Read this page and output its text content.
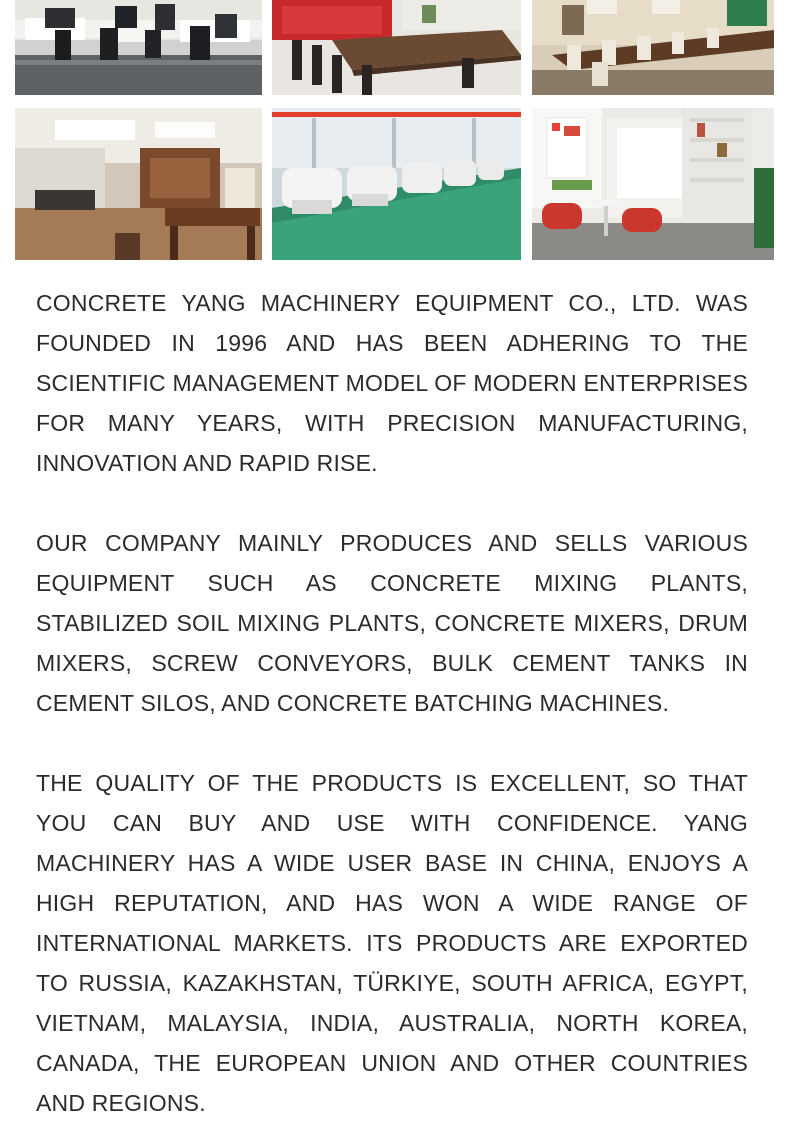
CONCRETE YANG MACHINERY EQUIPMENT CO., LTD. WAS FOUNDED IN 1996 AND HAS BEEN ADHERING TO THE SCIENTIFIC MANAGEMENT MODEL OF MODERN ENTERPRISES FOR MANY YEARS, WITH PRECISION MANUFACTURING, INNOVATION AND RAPID RISE.

OUR COMPANY MAINLY PRODUCES AND SELLS VARIOUS EQUIPMENT SUCH AS CONCRETE MIXING PLANTS, STABILIZED SOIL MIXING PLANTS, CONCRETE MIXERS, DRUM MIXERS, SCREW CONVEYORS, BULK CEMENT TANKS IN CEMENT SILOS, AND CONCRETE BATCHING MACHINES.

THE QUALITY OF THE PRODUCTS IS EXCELLENT, SO THAT YOU CAN BUY AND USE WITH CONFIDENCE. YANG MACHINERY HAS A WIDE USER BASE IN CHINA, ENJOYS A HIGH REPUTATION, AND HAS WON A WIDE RANGE OF INTERNATIONAL MARKETS. ITS PRODUCTS ARE EXPORTED TO RUSSIA, KAZAKHSTAN, TÜRKIYE, SOUTH AFRICA, EGYPT, VIETNAM, MALAYSIA, INDIA, AUSTRALIA, NORTH KOREA, CANADA, THE EUROPEAN UNION AND OTHER COUNTRIES AND REGIONS.
